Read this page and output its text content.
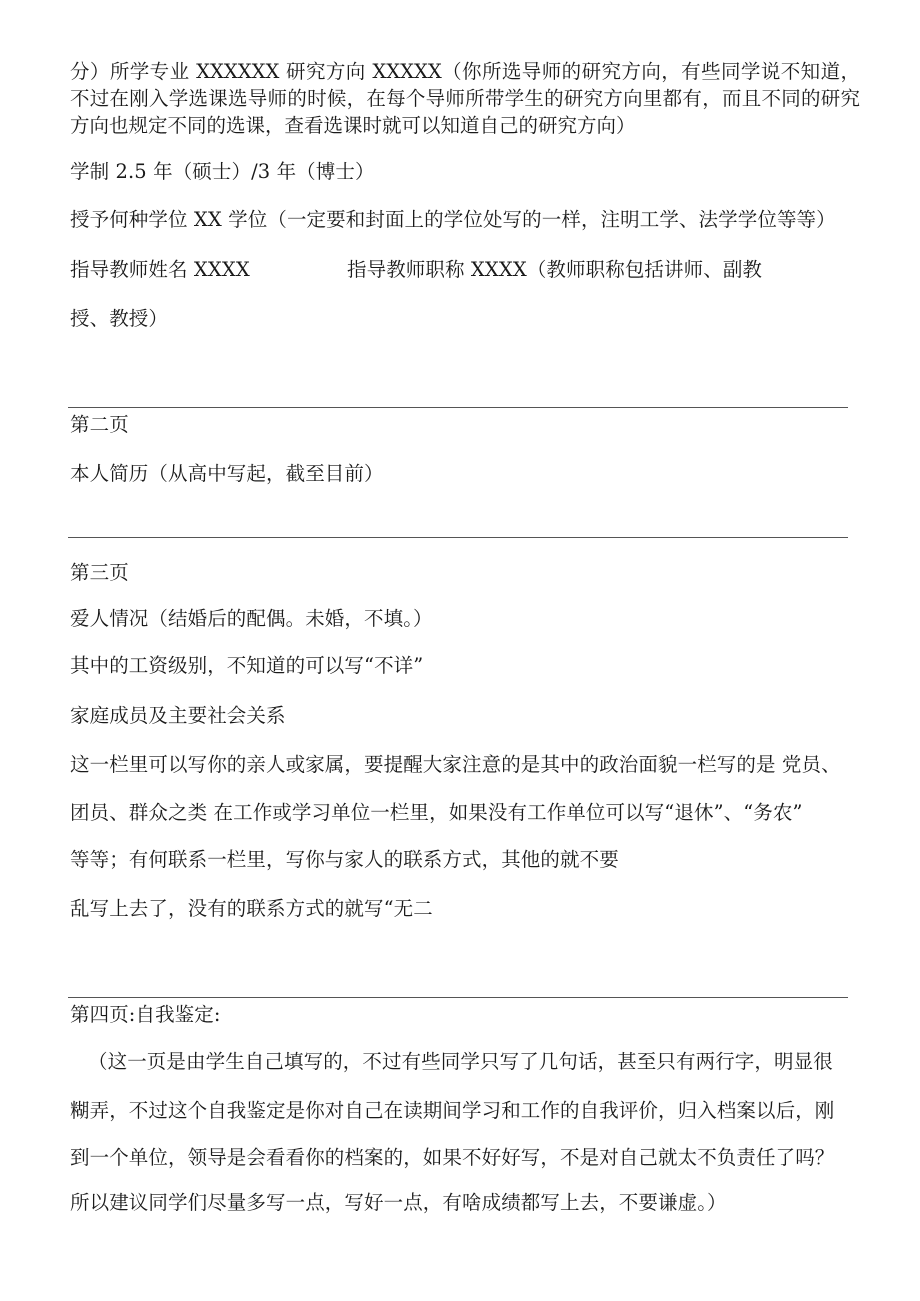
分）所学专业 XXXXXX 研究方向 XXXXX（你所选导师的研究方向，有些同学说不知道，不过在刚入学选课选导师的时候，在每个导师所带学生的研究方向里都有，而且不同的研究方向也规定不同的选课，查看选课时就可以知道自己的研究方向）
学制 2.5 年（硕士）/3 年（博士）
授予何种学位 XX 学位（一定要和封面上的学位处写的一样，注明工学、法学学位等等）
指导教师姓名 XXXX	指导教师职称 XXXX（教师职称包括讲师、副教
授、教授）
第二页
本人简历（从高中写起，截至目前）
第三页
爱人情况（结婚后的配偶。未婚，不填。）
其中的工资级别，不知道的可以写“不详”
家庭成员及主要社会关系
这一栏里可以写你的亲人或家属，要提醒大家注意的是其中的政治面貌一栏写的是 党员、
团员、群众之类 在工作或学习单位一栏里，如果没有工作单位可以写“退休”、“务农”
等等；有何联系一栏里，写你与家人的联系方式，其他的就不要
乱写上去了，没有的联系方式的就写“无二
第四页:自我鉴定:
（这一页是由学生自己填写的，不过有些同学只写了几句话，甚至只有两行字，明显很
糊弄，不过这个自我鉴定是你对自己在读期间学习和工作的自我评价，归入档案以后，刚
到一个单位，领导是会看看你的档案的，如果不好好写，不是对自己就太不负责任了吗？
所以建议同学们尽量多写一点，写好一点，有啥成绩都写上去，不要谦虚。）
